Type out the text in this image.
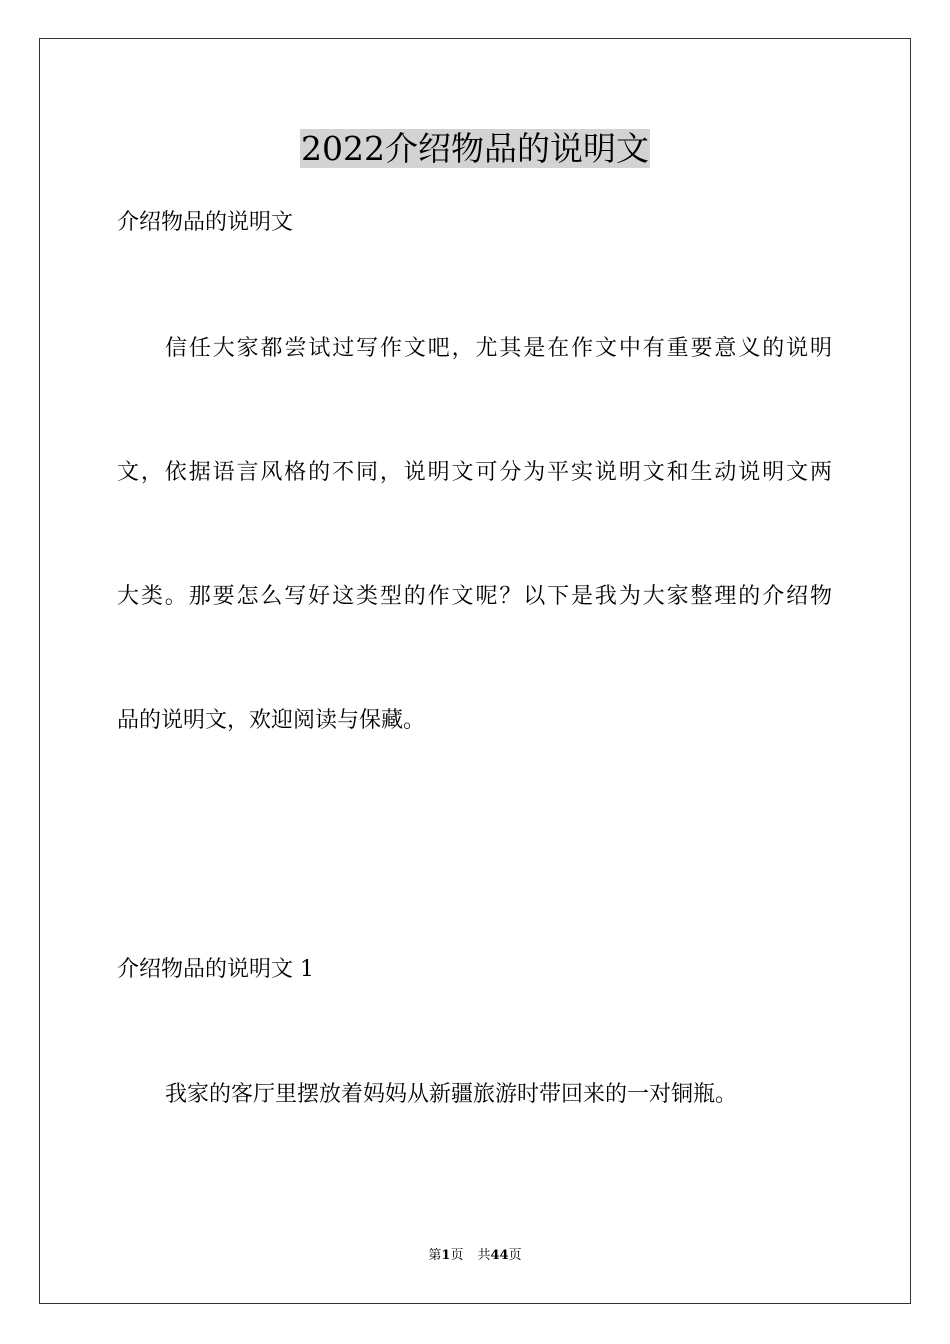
2022介绍物品的说明文

介绍物品的说明文

信任大家都尝试过写作文吧，尤其是在作文中有重要意义的说明

文，依据语言风格的不同，说明文可分为平实说明文和生动说明文两

大类。那要怎么写好这类型的作文呢？以下是我为大家整理的介绍物

品的说明文，欢迎阅读与保藏。

介绍物品的说明文 1

我家的客厅里摆放着妈妈从新疆旅游时带回来的一对铜瓶。

第1页 共44页
